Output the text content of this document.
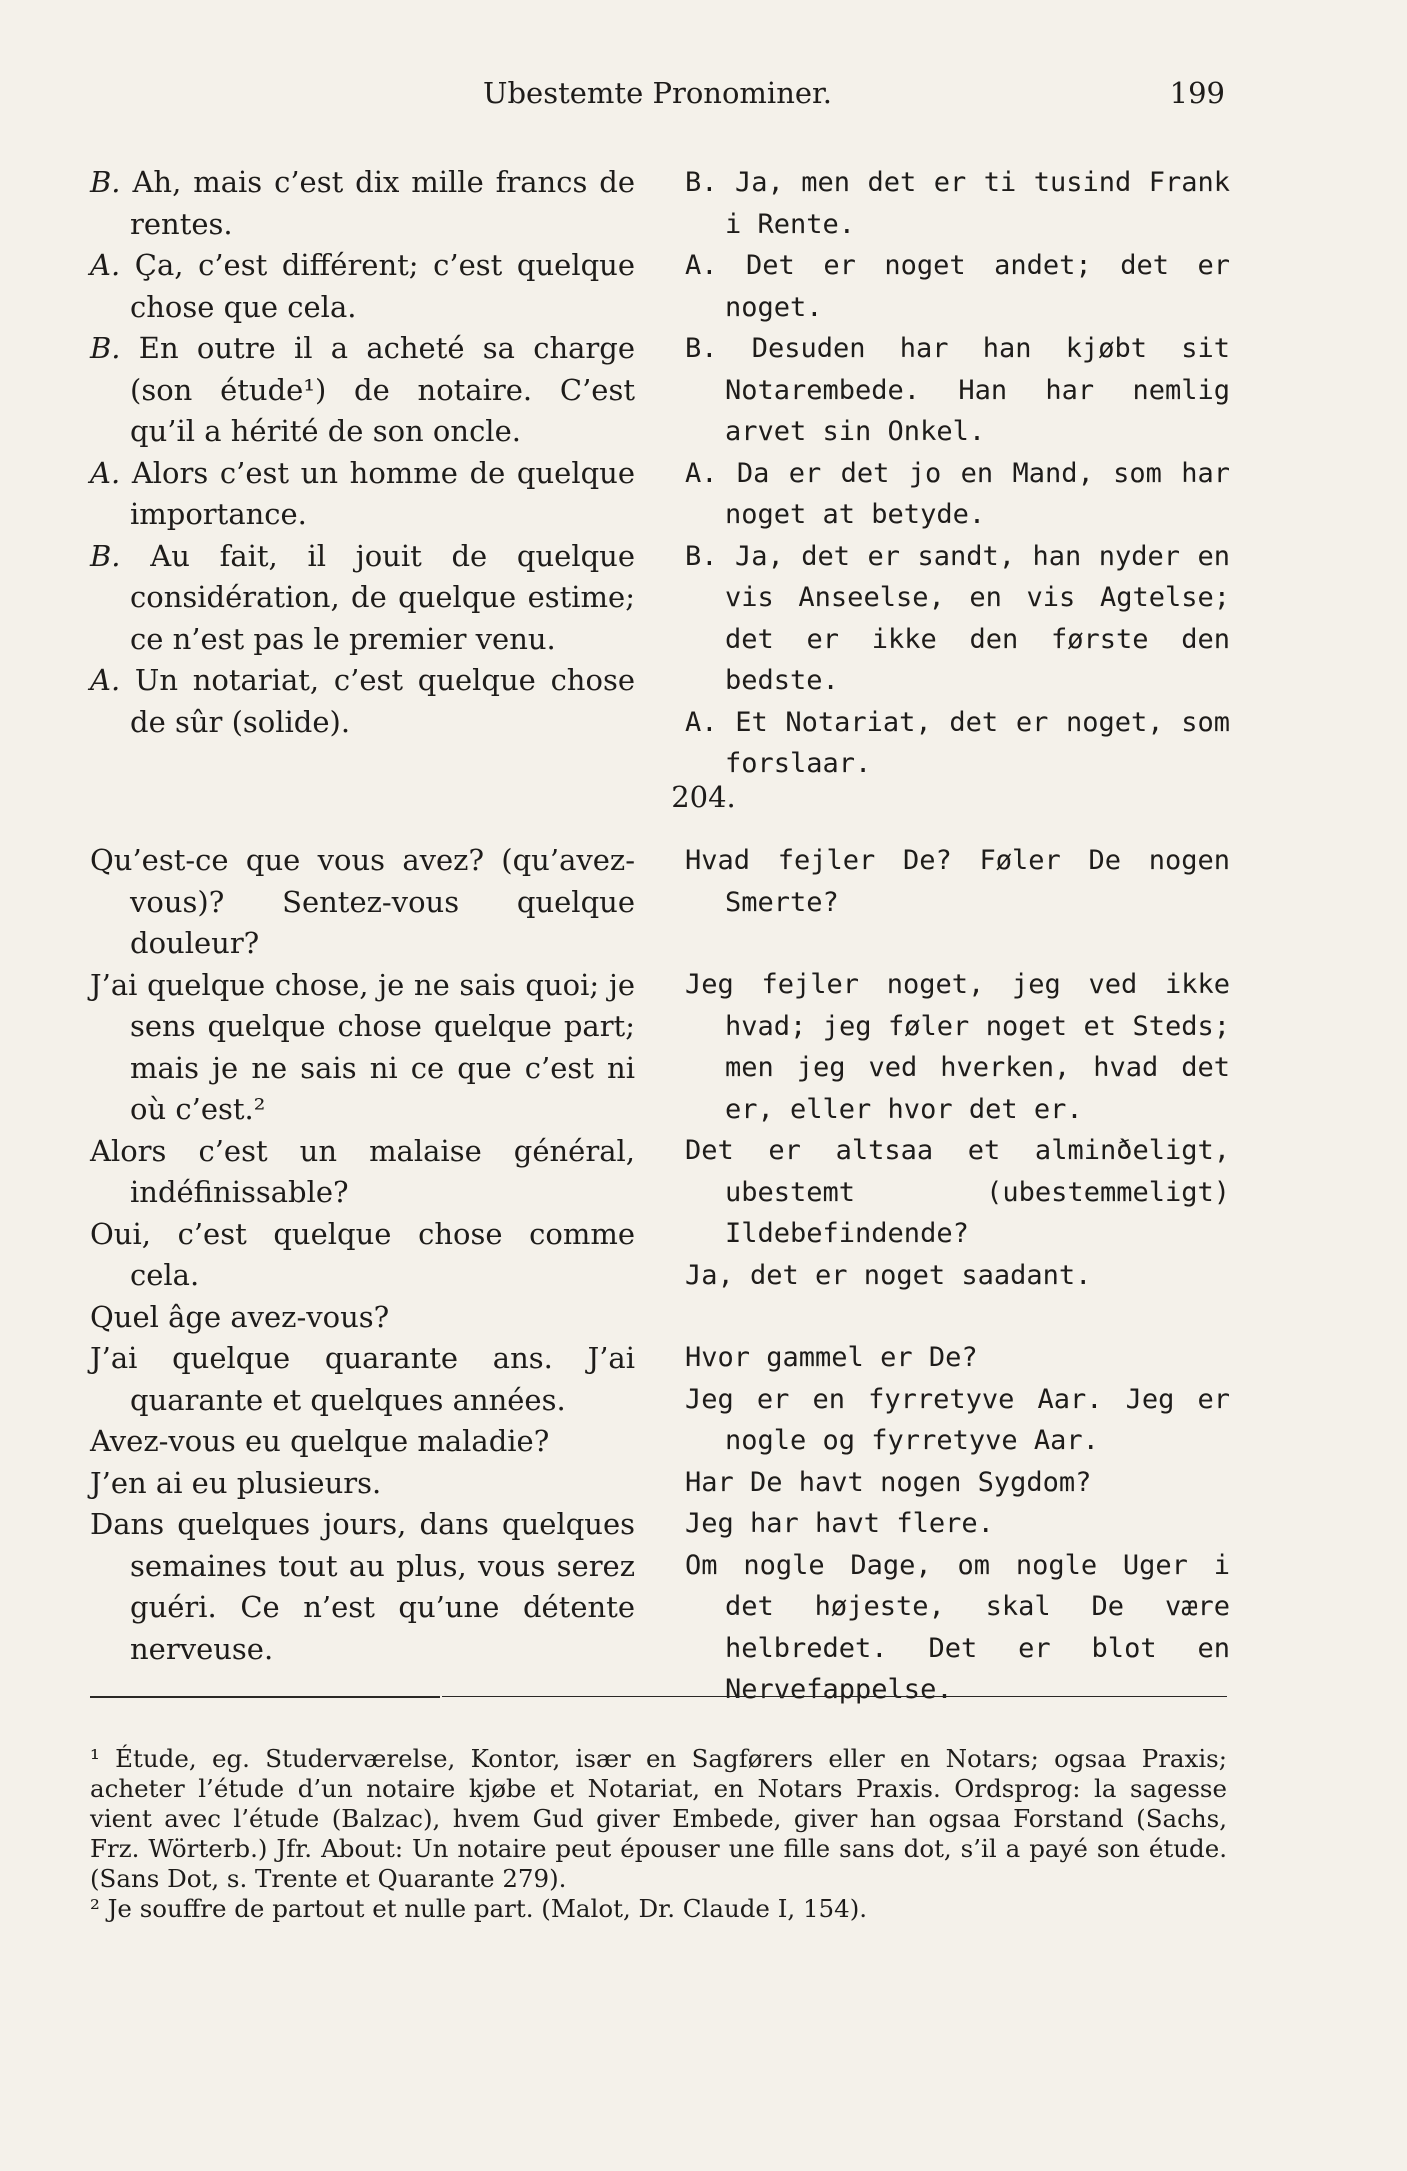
Ubestemte Pronominer.	199

B. Ah, mais c’est dix mille francs de rentes.

A. Ça, c’est différent; c’est quelque chose que cela.

B. En outre il a acheté sa charge (son étude¹) de notaire. C’est qu’il a hérité de son oncle.

A. Alors c’est un homme de quelque importance.

B. Au fait, il jouit de quelque considération, de quelque estime; ce n’est pas le premier venu.

A. Un notariat, c’est quelque chose de sûr (solide).

B. Ja, men det er ti tusind Frank i Rente.

A. Det er noget andet; det er noget.

B. Desuden har han kjøbt sit Notarembede. Han har nemlig arvet sin Onkel.

A. Da er det jo en Mand, som har noget at betyde.

B. Ja, det er sandt, han nyder en vis Anseelse, en vis Agtelse; det er ikke den første den bedste.

A. Et Notariat, det er noget, som forslaar.

204.

Qu’est-ce que vous avez? (qu’avez-vous)? Sentez-vous quelque douleur?

J’ai quelque chose, je ne sais quoi; je sens quelque chose quelque part; mais je ne sais ni ce que c’est ni où c’est.²

Alors c’est un malaise général, indéfinissable?

Oui, c’est quelque chose comme cela.

Quel âge avez-vous?

J’ai quelque quarante ans. J’ai quarante et quelques années.

Avez-vous eu quelque maladie?

J’en ai eu plusieurs.

Dans quelques jours, dans quelques semaines tout au plus, vous serez guéri. Ce n’est qu’une détente nerveuse.

Hvad fejler De? Føler De nogen Smerte?

Jeg fejler noget, jeg ved ikke hvad; jeg føler noget et Steds; men jeg ved hverken, hvad det er, eller hvor det er.

Det er altsaa et alminðeligt, ubestemt (ubestemmeligt) Ildebefindende?

Ja, det er noget saadant.

Hvor gammel er De?

Jeg er en fyrretyve Aar. Jeg er nogle og fyrretyve Aar.

Har De havt nogen Sygdom?

Jeg har havt flere.

Om nogle Dage, om nogle Uger i det højeste, skal De være helbredet. Det er blot en Nervefappelse.

¹ Étude, eg. Studerværelse, Kontor, især en Sagførers eller en Notars; ogsaa Praxis; acheter l’étude d’un notaire kjøbe et Notariat, en Notars Praxis. Ordsprog: la sagesse vient avec l’étude (Balzac), hvem Gud giver Embede, giver han ogsaa Forstand (Sachs, Frz. Wörterb.) Jfr. About: Un notaire peut épouser une fille sans dot, s’il a payé son étude. (Sans Dot, s. Trente et Quarante 279).

² Je souffre de partout et nulle part. (Malot, Dr. Claude I, 154).
